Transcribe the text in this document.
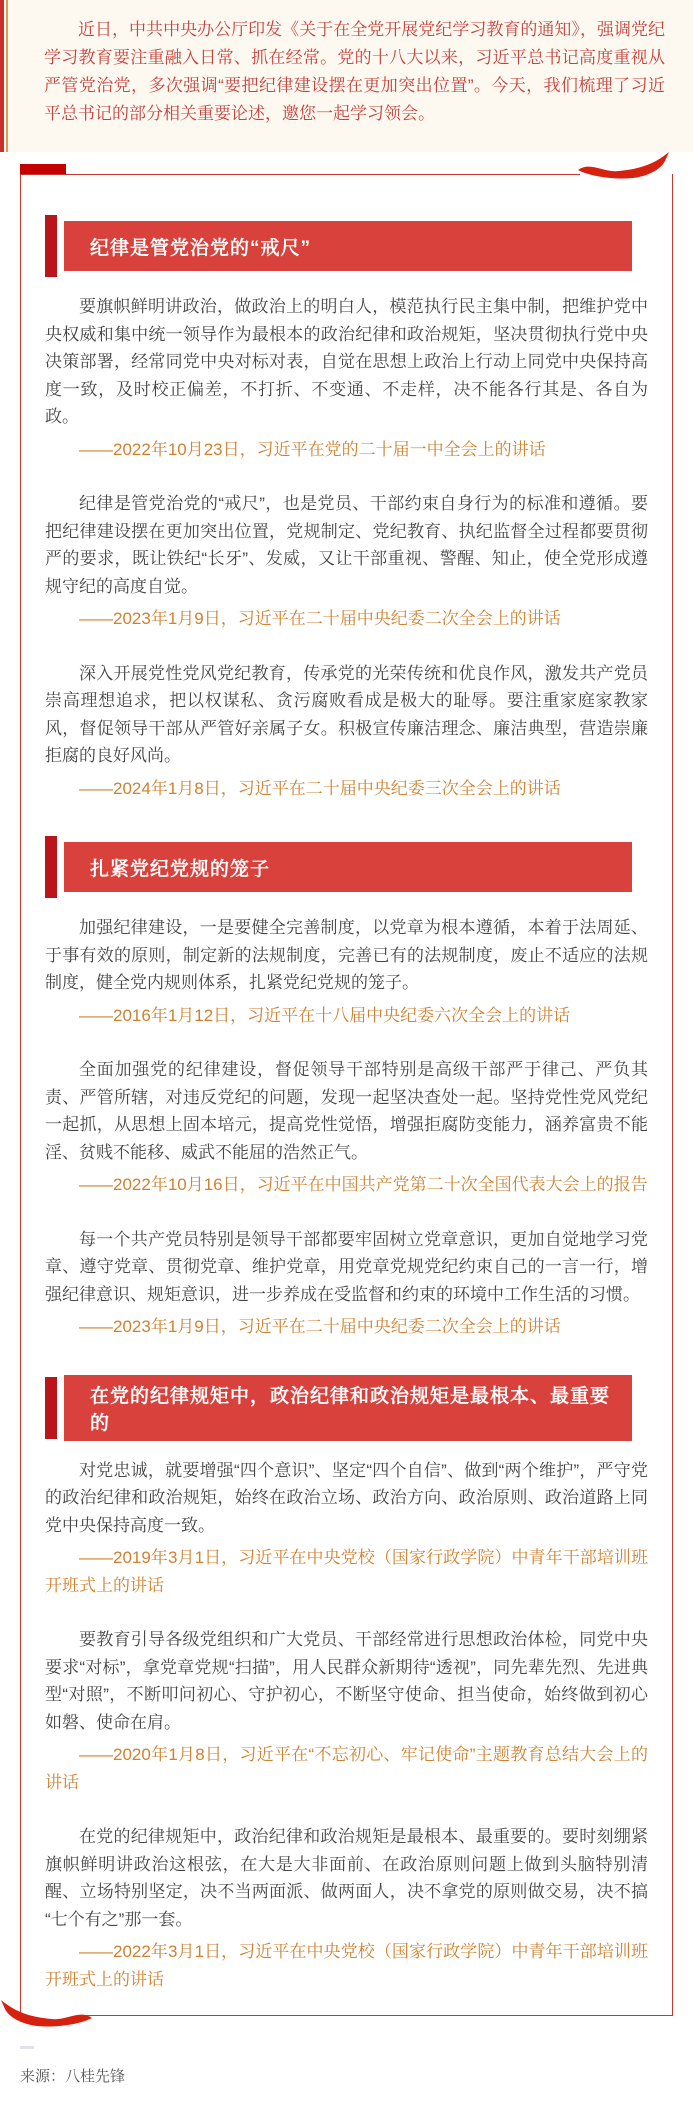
近日，中共中央办公厅印发《关于在全党开展党纪学习教育的通知》，强调党纪学习教育要注重融入日常、抓在经常。党的十八大以来，习近平总书记高度重视从严管党治党，多次强调“要把纪律建设摆在更加突出位置”。今天，我们梳理了习近平总书记的部分相关重要论述，邀您一起学习领会。

纪律是管党治党的“戒尺”

要旗帜鲜明讲政治，做政治上的明白人，模范执行民主集中制，把维护党中央权威和集中统一领导作为最根本的政治纪律和政治规矩，坚决贯彻执行党中央决策部署，经常同党中央对标对表，自觉在思想上政治上行动上同党中央保持高度一致，及时校正偏差，不打折、不变通、不走样，决不能各行其是、各自为政。

——2022年10月23日，习近平在党的二十届一中全会上的讲话

纪律是管党治党的“戒尺”，也是党员、干部约束自身行为的标准和遵循。要把纪律建设摆在更加突出位置，党规制定、党纪教育、执纪监督全过程都要贯彻严的要求，既让铁纪“长牙”、发威，又让干部重视、警醒、知止，使全党形成遵规守纪的高度自觉。

——2023年1月9日，习近平在二十届中央纪委二次全会上的讲话

深入开展党性党风党纪教育，传承党的光荣传统和优良作风，激发共产党员崇高理想追求，把以权谋私、贪污腐败看成是极大的耻辱。要注重家庭家教家风，督促领导干部从严管好亲属子女。积极宣传廉洁理念、廉洁典型，营造崇廉拒腐的良好风尚。

——2024年1月8日，习近平在二十届中央纪委三次全会上的讲话

扎紧党纪党规的笼子

加强纪律建设，一是要健全完善制度，以党章为根本遵循，本着于法周延、于事有效的原则，制定新的法规制度，完善已有的法规制度，废止不适应的法规制度，健全党内规则体系，扎紧党纪党规的笼子。

——2016年1月12日，习近平在十八届中央纪委六次全会上的讲话

全面加强党的纪律建设，督促领导干部特别是高级干部严于律己、严负其责、严管所辖，对违反党纪的问题，发现一起坚决查处一起。坚持党性党风党纪一起抓，从思想上固本培元，提高党性觉悟，增强拒腐防变能力，涵养富贵不能淫、贫贱不能移、威武不能屈的浩然正气。

——2022年10月16日，习近平在中国共产党第二十次全国代表大会上的报告

每一个共产党员特别是领导干部都要牢固树立党章意识，更加自觉地学习党章、遵守党章、贯彻党章、维护党章，用党章党规党纪约束自己的一言一行，增强纪律意识、规矩意识，进一步养成在受监督和约束的环境中工作生活的习惯。

——2023年1月9日，习近平在二十届中央纪委二次全会上的讲话

在党的纪律规矩中，政治纪律和政治规矩是最根本、最重要的

对党忠诚，就要增强“四个意识”、坚定“四个自信”、做到“两个维护”，严守党的政治纪律和政治规矩，始终在政治立场、政治方向、政治原则、政治道路上同党中央保持高度一致。

——2019年3月1日，习近平在中央党校（国家行政学院）中青年干部培训班开班式上的讲话

要教育引导各级党组织和广大党员、干部经常进行思想政治体检，同党中央要求“对标”，拿党章党规“扫描”，用人民群众新期待“透视”，同先辈先烈、先进典型“对照”，不断叩问初心、守护初心，不断坚守使命、担当使命，始终做到初心如磐、使命在肩。

——2020年1月8日，习近平在“不忘初心、牢记使命”主题教育总结大会上的讲话

在党的纪律规矩中，政治纪律和政治规矩是最根本、最重要的。要时刻绷紧旗帜鲜明讲政治这根弦，在大是大非面前、在政治原则问题上做到头脑特别清醒、立场特别坚定，决不当两面派、做两面人，决不拿党的原则做交易，决不搞“七个有之”那一套。

——2022年3月1日，习近平在中央党校（国家行政学院）中青年干部培训班开班式上的讲话

来源：八桂先锋
